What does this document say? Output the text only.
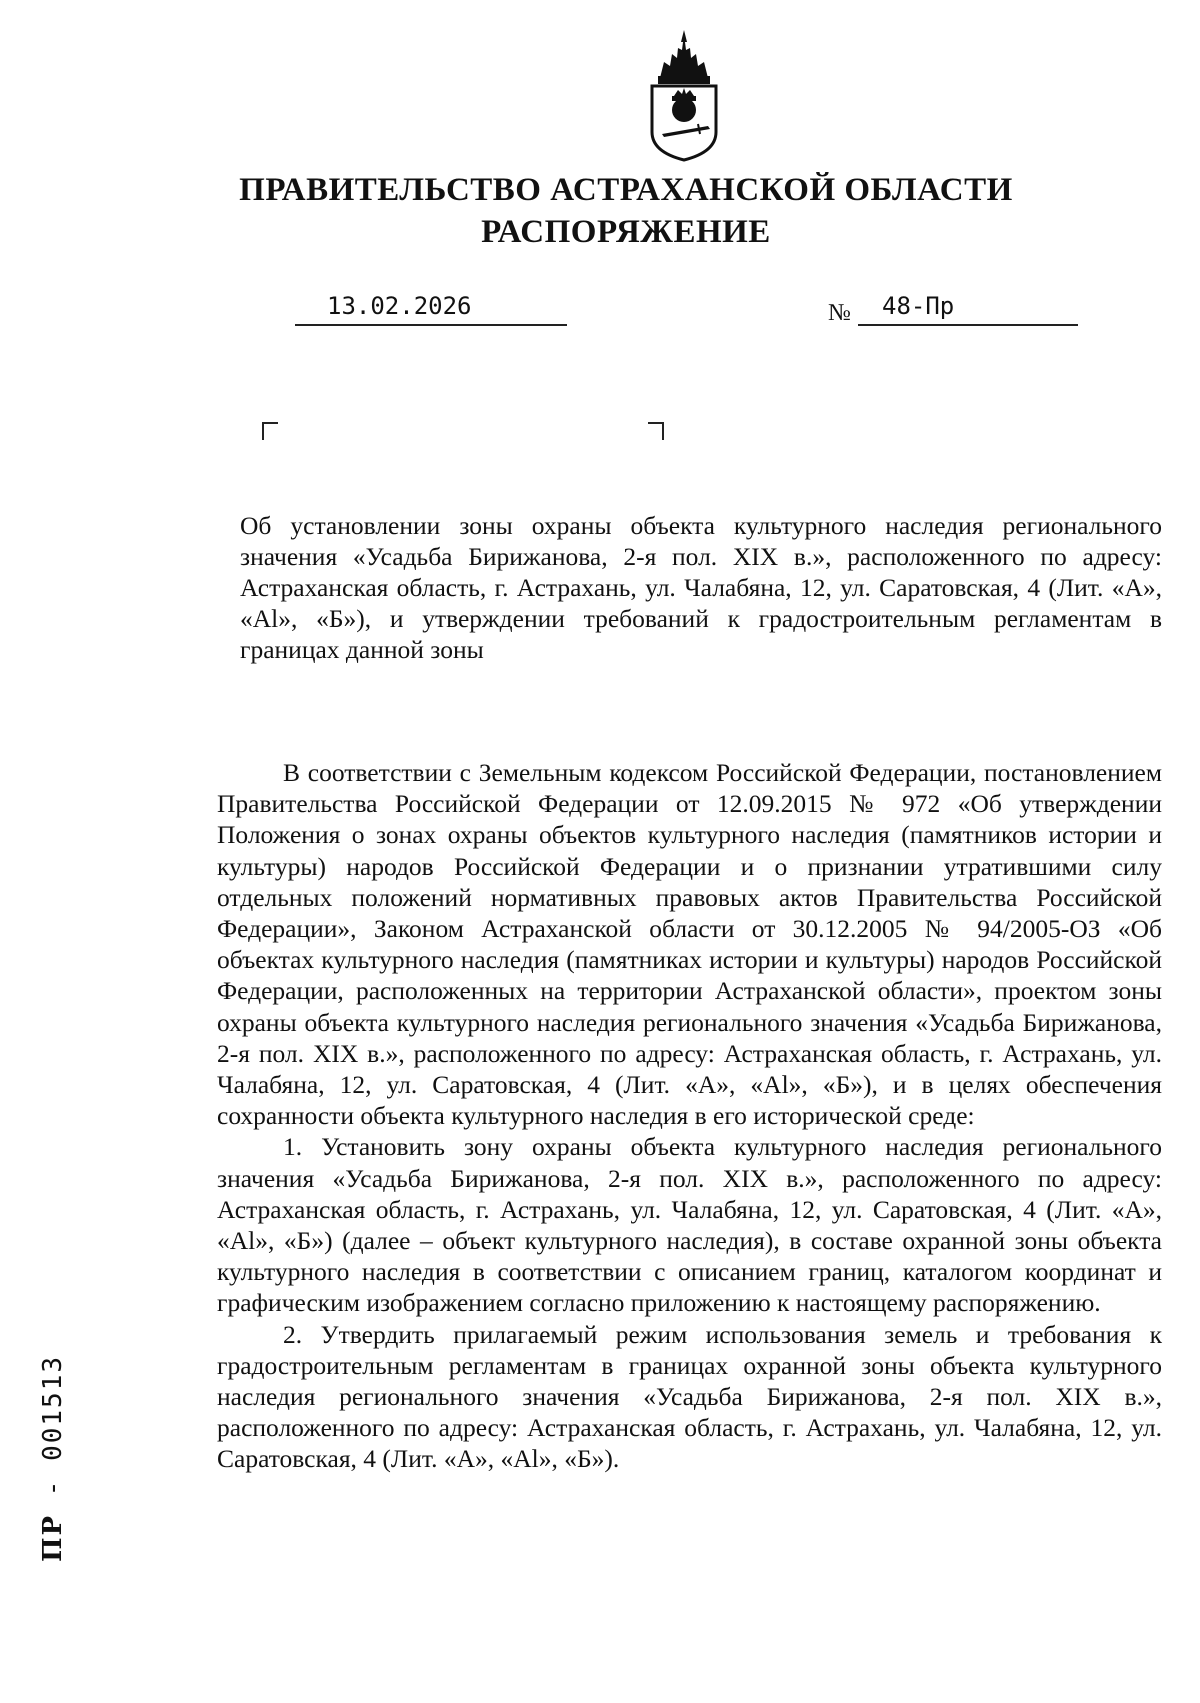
ПРАВИТЕЛЬСТВО АСТРАХАНСКОЙ ОБЛАСТИ
РАСПОРЯЖЕНИЕ
13.02.2026	№ 48-Пр

Об установлении зоны охраны объекта культурного наследия регионального значения «Усадьба Бирижанова, 2-я пол. XIX в.», расположенного по адресу: Астраханская область, г. Астрахань, ул. Чалабяна, 12, ул. Саратовская, 4 (Лит. «А», «Аl», «Б»), и утверждении требований к градостроительным регламентам в границах данной зоны

В соответствии с Земельным кодексом Российской Федерации, постановлением Правительства Российской Федерации от 12.09.2015 № 972 «Об утверждении Положения о зонах охраны объектов культурного наследия (памятников истории и культуры) народов Российской Федерации и о признании утратившими силу отдельных положений нормативных правовых актов Правительства Российской Федерации», Законом Астраханской области от 30.12.2005 № 94/2005-ОЗ «Об объектах культурного наследия (памятниках истории и культуры) народов Российской Федерации, расположенных на территории Астраханской области», проектом зоны охраны объекта культурного наследия регионального значения «Усадьба Бирижанова, 2-я пол. XIX в.», расположенного по адресу: Астраханская область, г. Астрахань, ул. Чалабяна, 12, ул. Саратовская, 4 (Лит. «А», «Аl», «Б»), и в целях обеспечения сохранности объекта культурного наследия в его исторической среде:

1. Установить зону охраны объекта культурного наследия регионального значения «Усадьба Бирижанова, 2-я пол. XIX в.», расположенного по адресу: Астраханская область, г. Астрахань, ул. Чалабяна, 12, ул. Саратовская, 4 (Лит. «А», «Аl», «Б») (далее – объект культурного наследия), в составе охранной зоны объекта культурного наследия в соответствии с описанием границ, каталогом координат и графическим изображением согласно приложению к настоящему распоряжению.

2. Утвердить прилагаемый режим использования земель и требования к градостроительным регламентам в границах охранной зоны объекта культурного наследия регионального значения «Усадьба Бирижанова, 2-я пол. XIX в.», расположенного по адресу: Астраханская область, г. Астрахань, ул. Чалабяна, 12, ул. Саратовская, 4 (Лит. «А», «Аl», «Б»).

ПР - 001513
